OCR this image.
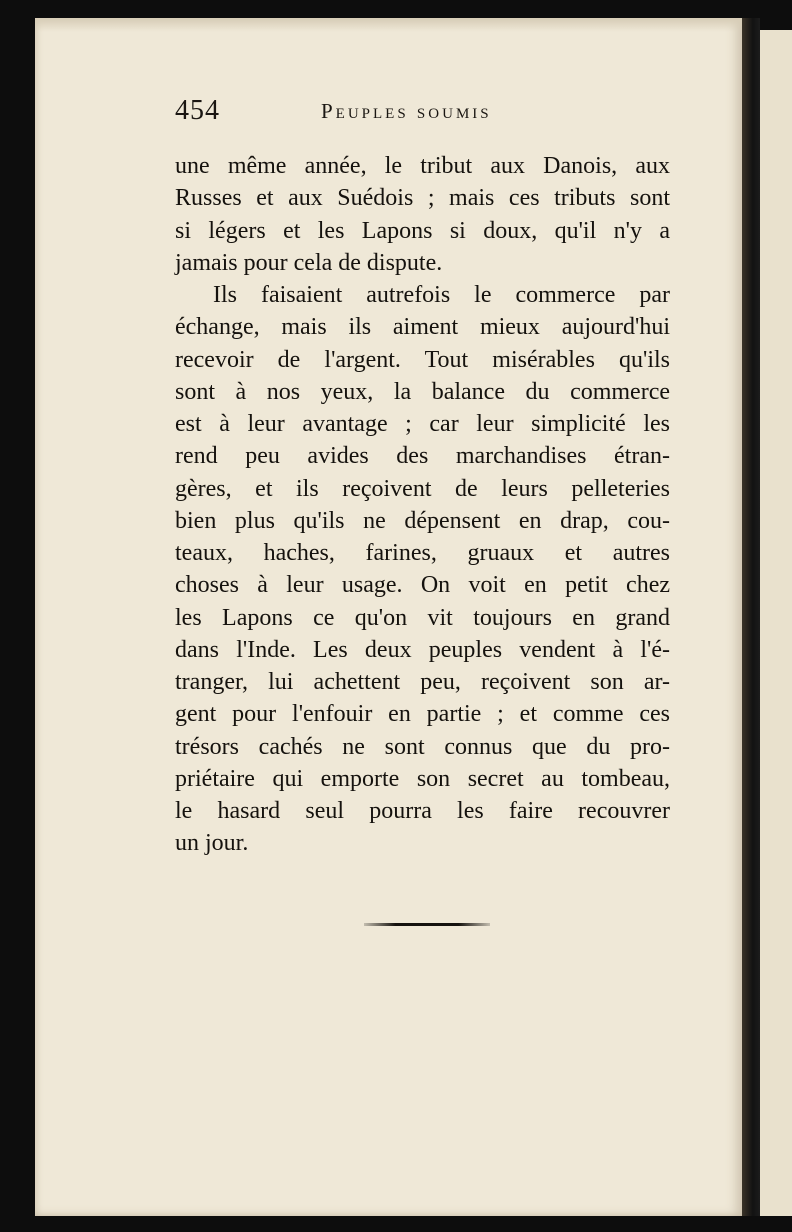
454	Peuples soumis
une même année, le tribut aux Danois, aux
Russes et aux Suédois ; mais ces tributs sont
si légers et les Lapons si doux, qu'il n'y a
jamais pour cela de dispute.
Ils faisaient autrefois le commerce par
échange, mais ils aiment mieux aujourd'hui
recevoir de l'argent. Tout misérables qu'ils
sont à nos yeux, la balance du commerce
est à leur avantage ; car leur simplicité les
rend peu avides des marchandises étran-
gères, et ils reçoivent de leurs pelleteries
bien plus qu'ils ne dépensent en drap, cou-
teaux, haches, farines, gruaux et autres
choses à leur usage. On voit en petit chez
les Lapons ce qu'on vit toujours en grand
dans l'Inde. Les deux peuples vendent à l'é-
tranger, lui achettent peu, reçoivent son ar-
gent pour l'enfouir en partie ; et comme ces
trésors cachés ne sont connus que du pro-
priétaire qui emporte son secret au tombeau,
le hasard seul pourra les faire recouvrer
un jour.
